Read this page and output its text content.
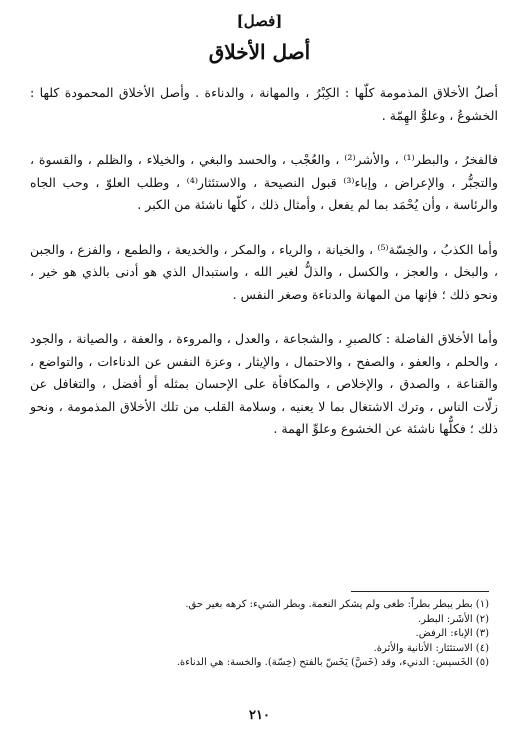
[فصل]
أصل الأخلاق

أصلُ الأخلاق المذمومة كلّها : الكِبْرُ ، والمهانة ، والدناءة . وأصل الأخلاق المحمودة كلها : الخشوعُ ، وعلوُّ الهِمّة .

فالفخرُ ، والبطر⁽¹⁾ ، والأشر⁽²⁾ ، والعُجْب ، والحسد والبغي ، والخيلاء ، والظلم ، والقسوة ، والتجبُّر ، والإعراض ، وإباء⁽³⁾ قبول النصيحة ، والاستئثار⁽⁴⁾ ، وطلب العلوّ ، وحب الجاه والرئاسة ، وأن يُحْمَد بما لم يفعل ، وأمثال ذلك ، كلّها ناشئة من الكبر .

وأما الكذبُ ، والخِسّة⁽⁵⁾ ، والخيانة ، والرياء ، والمكر ، والخديعة ، والطمع ، والفزع ، والجبن ، والبخل ، والعجز ، والكسل ، والذلُّ لغير الله ، واستبدال الذي هو أدنى بالذي هو خير ، ونحو ذلك ؛ فإنها من المهانة والدناءة وصغر النفس .

وأما الأخلاق الفاضلة : كالصبرِ ، والشجاعة ، والعدل ، والمروءة ، والعفة ، والصيانة ، والجود ، والحلم ، والعفو ، والصفح ، والاحتمال ، والإيثار ، وعزة النفس عن الدناءات ، والتواضع ، والقناعة ، والصدق ، والإخلاص ، والمكافأة على الإحسان بمثله أو أفضل ، والتغافل عن زلّات الناس ، وترك الاشتغال بما لا يعنيه ، وسلامة القلب من تلك الأخلاق المذمومة ، ونحو ذلك ؛ فكلُّها ناشئة عن الخشوع وعلوِّ الهمة .

(١) بطر يبطر بطراً: طغى ولم يشكر النعمة. وبطر الشيء: كرهه بغير حق.

(٢) الأشَر: البطر.

(٣) الإباء: الرفض.

(٤) الاستئثار: الأنانية والأثرة.

(٥) الخَسيس: الدنيء، وقد (خَسَّ) يَخَسّ بالفتح (خِسّة). والخسة: هي الدناءة.

٢١٠
